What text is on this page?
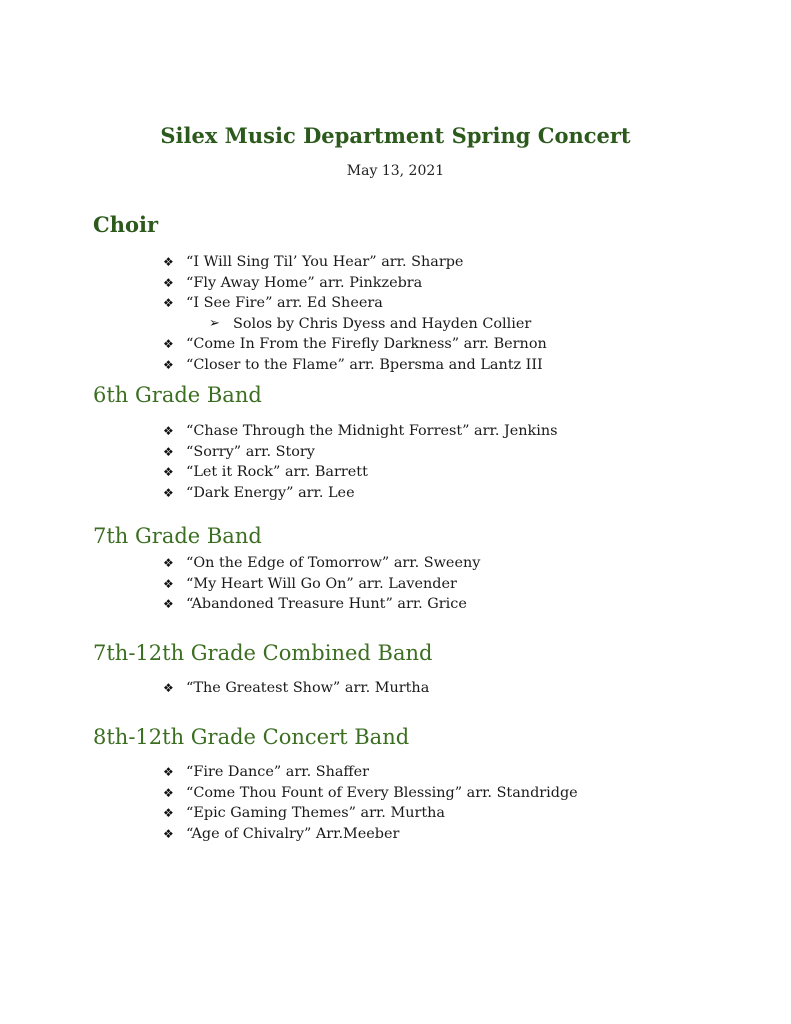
Silex Music Department Spring Concert

May 13, 2021

Choir
❖ “I Will Sing Til’ You Hear” arr. Sharpe
❖ “Fly Away Home” arr. Pinkzebra
❖ “I See Fire” arr. Ed Sheera
➢ Solos by Chris Dyess and Hayden Collier
❖ “Come In From the Firefly Darkness” arr. Bernon
❖ “Closer to the Flame” arr. Bpersma and Lantz III
6th Grade Band
❖ “Chase Through the Midnight Forrest” arr. Jenkins
❖ “Sorry” arr. Story
❖ “Let it Rock” arr. Barrett
❖ “Dark Energy” arr. Lee
7th Grade Band
❖ “On the Edge of Tomorrow” arr. Sweeny
❖ “My Heart Will Go On” arr. Lavender
❖ “Abandoned Treasure Hunt” arr. Grice
7th-12th Grade Combined Band
❖ “The Greatest Show” arr. Murtha
8th-12th Grade Concert Band
❖ “Fire Dance” arr. Shaffer
❖ “Come Thou Fount of Every Blessing” arr. Standridge
❖ “Epic Gaming Themes” arr. Murtha
❖ “Age of Chivalry” Arr.Meeber
